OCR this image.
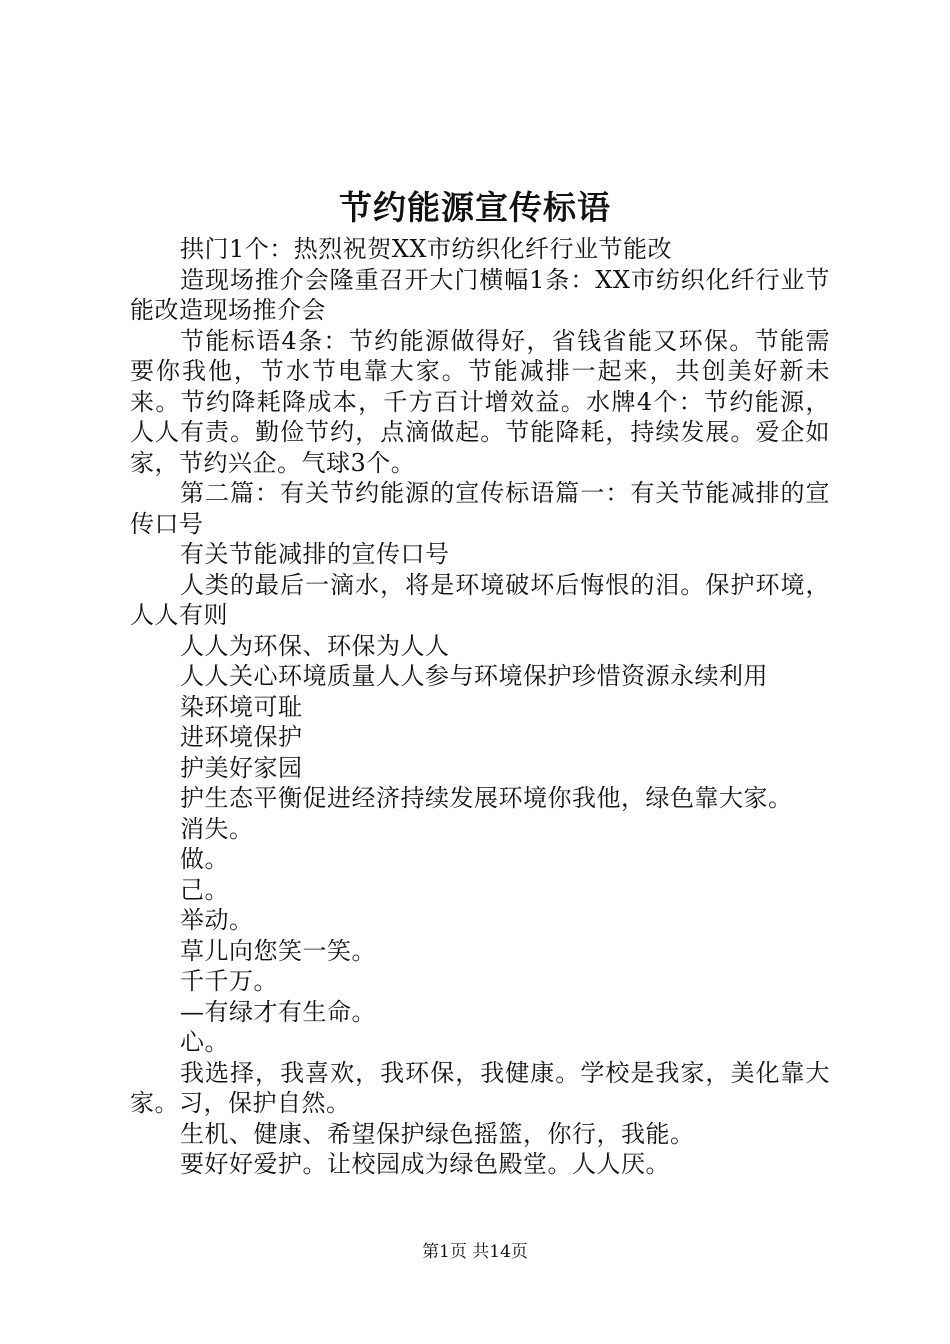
节约能源宣传标语

拱门1个：热烈祝贺XX市纺织化纤行业节能改

造现场推介会隆重召开大门横幅1条：XX市纺织化纤行业节能改造现场推介会

节能标语4条：节约能源做得好，省钱省能又环保。节能需要你我他，节水节电靠大家。节能减排一起来，共创美好新未来。节约降耗降成本，千方百计增效益。水牌4个：节约能源，人人有责。勤俭节约，点滴做起。节能降耗，持续发展。爱企如家，节约兴企。气球3个。

第二篇：有关节约能源的宣传标语篇一：有关节能减排的宣传口号

有关节能减排的宣传口号

人类的最后一滴水，将是环境破坏后悔恨的泪。保护环境，人人有则

人人为环保、环保为人人

人人关心环境质量人人参与环境保护珍惜资源永续利用

染环境可耻

进环境保护

护美好家园

护生态平衡促进经济持续发展环境你我他，绿色靠大家。

消失。

做。

己。

举动。

草儿向您笑一笑。

千千万。

—有绿才有生命。

心。

我选择，我喜欢，我环保，我健康。学校是我家，美化靠大家。习，保护自然。

生机、健康、希望保护绿色摇篮，你行，我能。

要好好爱护。让校园成为绿色殿堂。人人厌。

第1页 共14页
